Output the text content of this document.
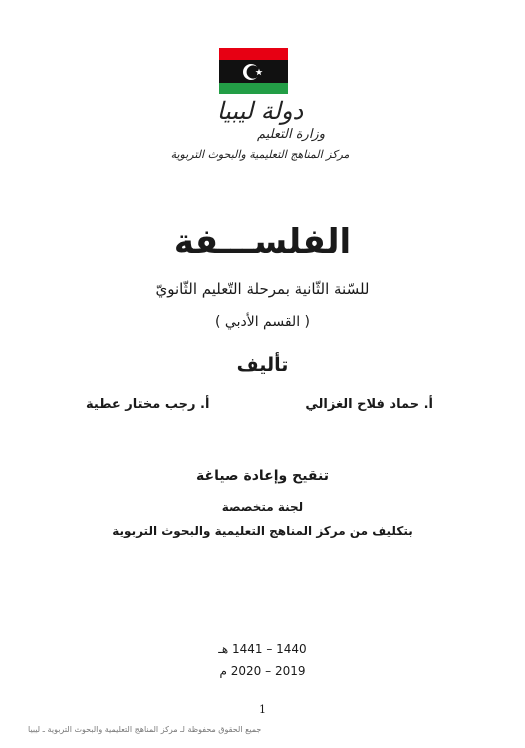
دولة ليبيا
وزارة التعليم
مركز المناهج التعليمية والبحوث التربوية
الفلســـفة
للسّنة الثّانية بمرحلة التّعليم الثّانويّ
( القسم الأدبي )
تأليف
أ. حماد فلاح الغزالي
أ. رجب مختار عطية
تنقيح وإعادة صياغة
لجنة متخصصة
بتكليف من مركز المناهج التعليمية والبحوث التربوية
1440 – 1441 هـ
2019 – 2020 م
1
جميع الحقوق محفوظة لـ مركز المناهج التعليمية والبحوث التربوية ـ ليبيا
